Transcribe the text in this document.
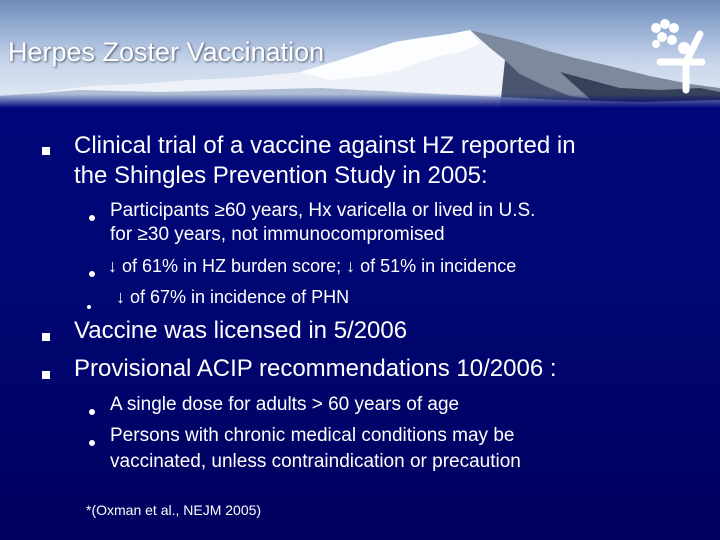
Herpes Zoster Vaccination
Clinical trial of a vaccine against HZ reported in
the Shingles Prevention Study in 2005:
Participants ≥60 years, Hx varicella or lived in U.S.
for ≥30 years, not immunocompromised
↓ of 61% in HZ burden score; ↓ of 51% in incidence
↓ of 67% in incidence of PHN
Vaccine was licensed in 5/2006
Provisional ACIP recommendations 10/2006 :
A single dose for adults > 60 years of age
Persons with chronic medical conditions may be
vaccinated, unless contraindication or precaution
*(Oxman et al., NEJM 2005)
